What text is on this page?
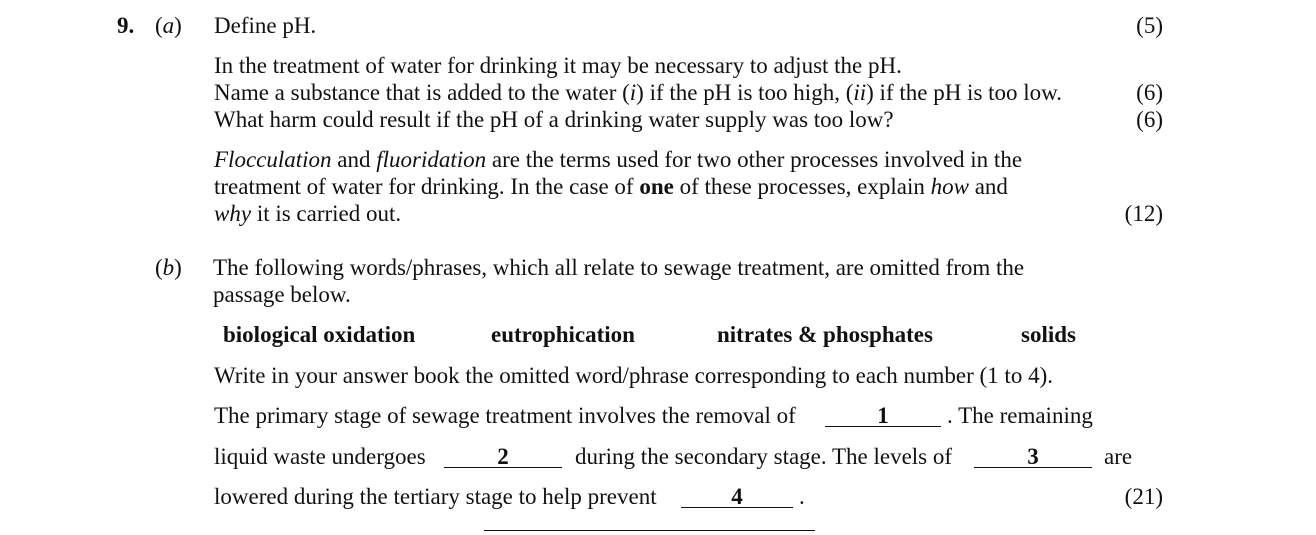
9. (a) Define pH.	(5)
In the treatment of water for drinking it may be necessary to adjust the pH.
Name a substance that is added to the water (i) if the pH is too high, (ii) if the pH is too low.	(6)
What harm could result if the pH of a drinking water supply was too low?	(6)
Flocculation and fluoridation are the terms used for two other processes involved in the
treatment of water for drinking. In the case of one of these processes, explain how and
why it is carried out.	(12)
(b) The following words/phrases, which all relate to sewage treatment, are omitted from the
passage below.
biological oxidation	eutrophication	nitrates & phosphates	solids
Write in your answer book the omitted word/phrase corresponding to each number (1 to 4).
The primary stage of sewage treatment involves the removal of	1	. The remaining
liquid waste undergoes	2	during the secondary stage. The levels of	3	are
lowered during the tertiary stage to help prevent	4	.	(21)
